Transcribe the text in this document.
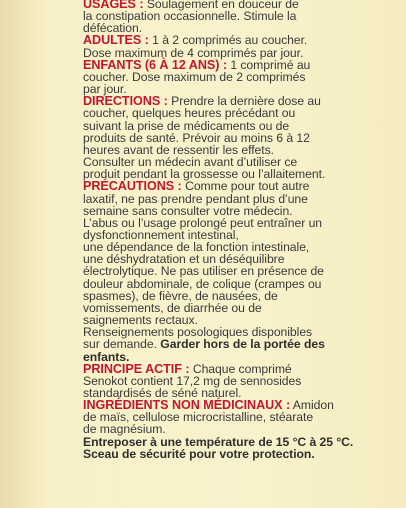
USAGES : Soulagement en douceur de
la constipation occasionnelle. Stimule la
défécation.
ADULTES : 1 à 2 comprimés au coucher.
Dose maximum de 4 comprimés par jour.
ENFANTS (6 À 12 ANS) : 1 comprimé au
coucher. Dose maximum de 2 comprimés
par jour.
DIRECTIONS : Prendre la dernière dose au
coucher, quelques heures précédant ou
suivant la prise de médicaments ou de
produits de santé. Prévoir au moins 6 à 12
heures avant de ressentir les effets.
Consulter un médecin avant d’utiliser ce
produit pendant la grossesse ou l’allaitement.
PRÉCAUTIONS : Comme pour tout autre
laxatif, ne pas prendre pendant plus d’une
semaine sans consulter votre médecin.
L’abus ou l’usage prolongé peut entraîner un
dysfonctionnement intestinal,
une dépendance de la fonction intestinale,
une déshydratation et un déséquilibre
électrolytique. Ne pas utiliser en présence de
douleur abdominale, de colique (crampes ou
spasmes), de fièvre, de nausées, de
vomissements, de diarrhée ou de
saignements rectaux.
Renseignements posologiques disponibles
sur demande. Garder hors de la portée des
enfants.
PRINCIPE ACTIF : Chaque comprimé
Senokot contient 17,2 mg de sennosides
standardisés de séné naturel.
INGRÉDIENTS NON MÉDICINAUX : Amidon
de maïs, cellulose microcristalline, stéarate
de magnésium.
Entreposer à une température de 15 °C à 25 °C.
Sceau de sécurité pour votre protection.
